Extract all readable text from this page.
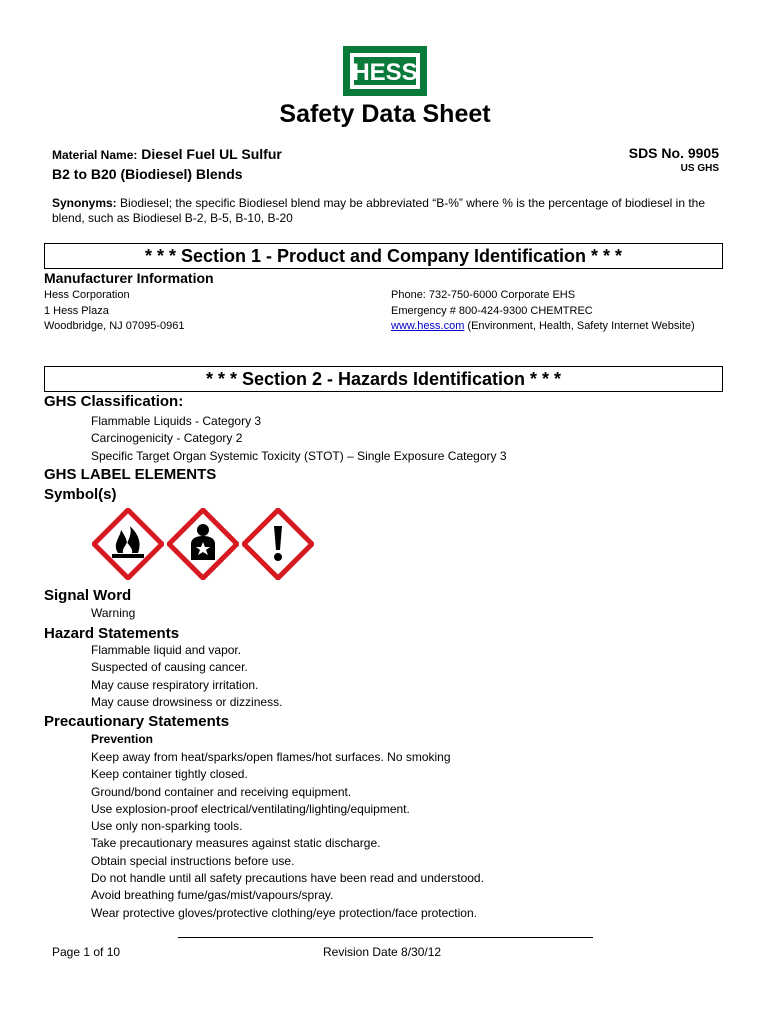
HESS
Safety Data Sheet
Material Name: Diesel Fuel UL Sulfur
B2 to B20 (Biodiesel) Blends
SDS No. 9905
US GHS
Synonyms: Biodiesel; the specific Biodiesel blend may be abbreviated “B-%” where % is the percentage of biodiesel in the blend, such as Biodiesel B-2, B-5, B-10, B-20
* * * Section 1 - Product and Company Identification * * *
Manufacturer Information
Hess Corporation
1 Hess Plaza
Woodbridge, NJ 07095-0961
Phone: 732-750-6000 Corporate EHS
Emergency # 800-424-9300 CHEMTREC
www.hess.com (Environment, Health, Safety Internet Website)
* * * Section 2 - Hazards Identification * * *
GHS Classification:
Flammable Liquids - Category 3
Carcinogenicity - Category 2
Specific Target Organ Systemic Toxicity (STOT) – Single Exposure Category 3
GHS LABEL ELEMENTS
Symbol(s)
Signal Word
Warning
Hazard Statements
Flammable liquid and vapor.
Suspected of causing cancer.
May cause respiratory irritation.
May cause drowsiness or dizziness.
Precautionary Statements
Prevention
Keep away from heat/sparks/open flames/hot surfaces. No smoking
Keep container tightly closed.
Ground/bond container and receiving equipment.
Use explosion-proof electrical/ventilating/lighting/equipment.
Use only non-sparking tools.
Take precautionary measures against static discharge.
Obtain special instructions before use.
Do not handle until all safety precautions have been read and understood.
Avoid breathing fume/gas/mist/vapours/spray.
Wear protective gloves/protective clothing/eye protection/face protection.
Page 1 of 10	Revision Date 8/30/12
